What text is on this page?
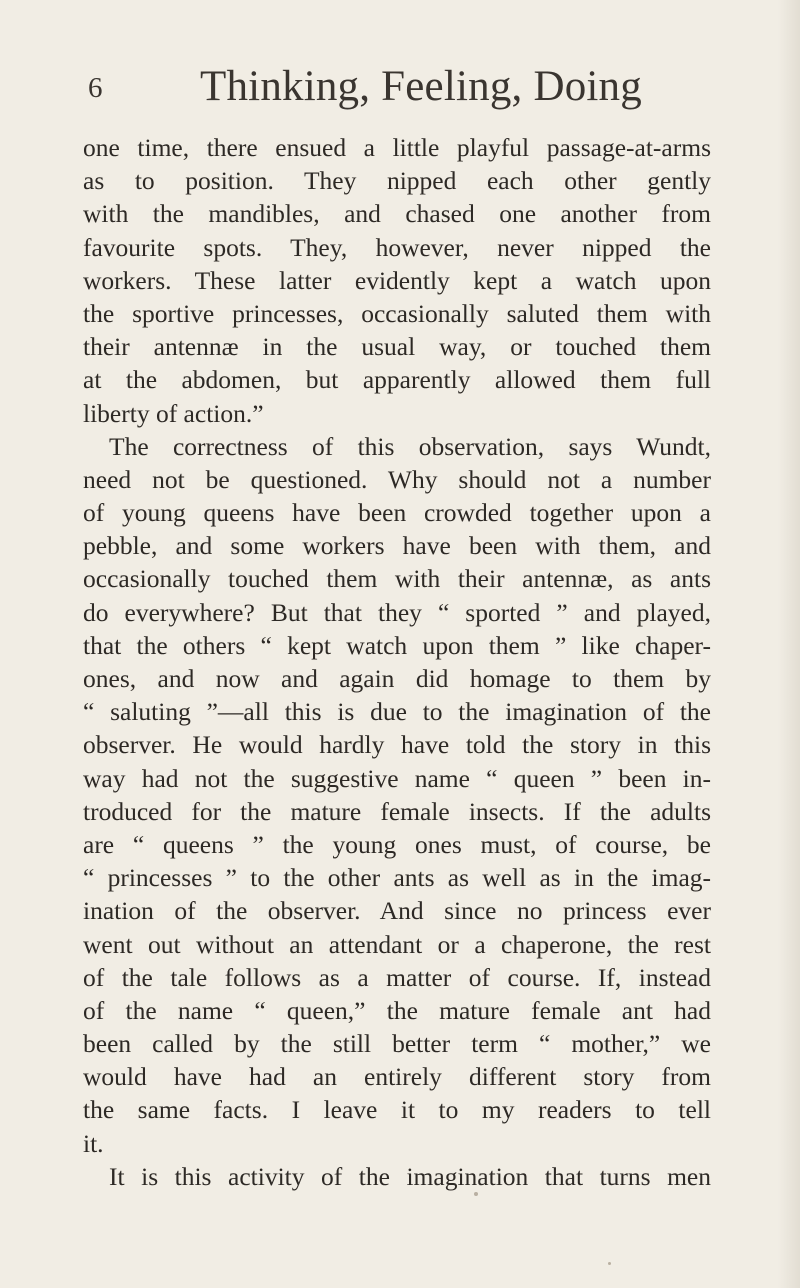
6 Thinking, Feeling, Doing
one time, there ensued a little playful passage-at-arms
as to position. They nipped each other gently
with the mandibles, and chased one another from
favourite spots. They, however, never nipped the
workers. These latter evidently kept a watch upon
the sportive princesses, occasionally saluted them with
their antennæ in the usual way, or touched them
at the abdomen, but apparently allowed them full
liberty of action.”
The correctness of this observation, says Wundt,
need not be questioned. Why should not a number
of young queens have been crowded together upon a
pebble, and some workers have been with them, and
occasionally touched them with their antennæ, as ants
do everywhere? But that they “ sported ” and played,
that the others “ kept watch upon them ” like chaper-
ones, and now and again did homage to them by
“ saluting ”—all this is due to the imagination of the
observer. He would hardly have told the story in this
way had not the suggestive name “ queen ” been in-
troduced for the mature female insects. If the adults
are “ queens ” the young ones must, of course, be
“ princesses ” to the other ants as well as in the imag-
ination of the observer. And since no princess ever
went out without an attendant or a chaperone, the rest
of the tale follows as a matter of course. If, instead
of the name “ queen,” the mature female ant had
been called by the still better term “ mother,” we
would have had an entirely different story from
the same facts. I leave it to my readers to tell
it.
It is this activity of the imagination that turns men
